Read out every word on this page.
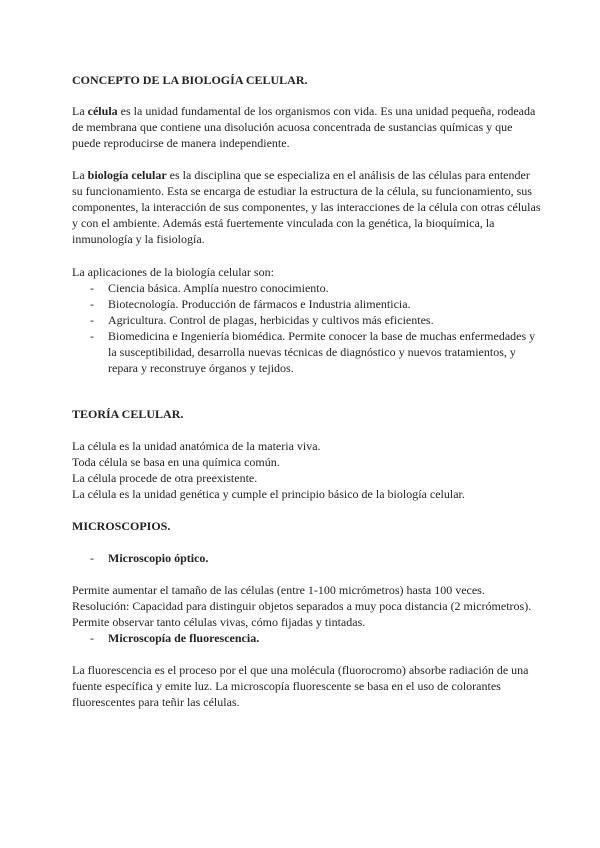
CONCEPTO DE LA BIOLOGÍA CELULAR.

La célula es la unidad fundamental de los organismos con vida. Es una unidad pequeña, rodeada de membrana que contiene una disolución acuosa concentrada de sustancias químicas y que puede reproducirse de manera independiente.

La biología celular es la disciplina que se especializa en el análisis de las células para entender su funcionamiento. Esta se encarga de estudiar la estructura de la célula, su funcionamiento, sus componentes, la interacción de sus componentes, y las interacciones de la célula con otras células y con el ambiente. Además está fuertemente vinculada con la genética, la bioquímica, la inmunología y la fisiología.

La aplicaciones de la biología celular son:

- Ciencia básica. Amplía nuestro conocimiento.
- Biotecnología. Producción de fármacos e Industria alimenticia.
- Agricultura. Control de plagas, herbicidas y cultivos más eficientes.
- Biomedicina e Ingeniería biomédica. Permite conocer la base de muchas enfermedades y la susceptibilidad, desarrolla nuevas técnicas de diagnóstico y nuevos tratamientos, y repara y reconstruye órganos y tejidos.
TEORÍA CELULAR.

La célula es la unidad anatómica de la materia viva.

Toda célula se basa en una química común.

La célula procede de otra preexistente.

La célula es la unidad genética y cumple el principio básico de la biología celular.

MICROSCOPIOS.
- Microscopio óptico.

Permite aumentar el tamaño de las células (entre 1-100 micrómetros) hasta 100 veces.

Resolución: Capacidad para distinguir objetos separados a muy poca distancia (2 micrómetros).

Permite observar tanto células vivas, cómo fijadas y tintadas.

- Microscopía de fluorescencia.

La fluorescencia es el proceso por el que una molécula (fluorocromo) absorbe radiación de una fuente específica y emite luz. La microscopía fluorescente se basa en el uso de colorantes fluorescentes para teñir las células.
